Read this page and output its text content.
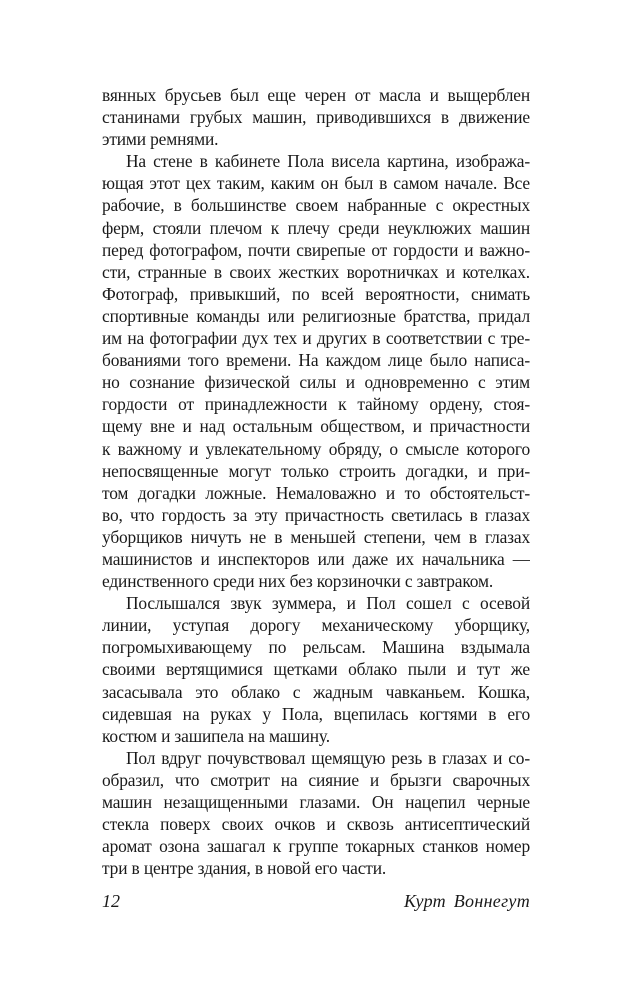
вянных брусьев был еще черен от масла и выщерблен
станинами грубых машин, приводившихся в движение
этими ремнями.
На стене в кабинете Пола висела картина, изобража-
ющая этот цех таким, каким он был в самом начале. Все
рабочие, в большинстве своем набранные с окрестных
ферм, стояли плечом к плечу среди неуклюжих машин
перед фотографом, почти свирепые от гордости и важно-
сти, странные в своих жестких воротничках и котелках.
Фотограф, привыкший, по всей вероятности, снимать
спортивные команды или религиозные братства, придал
им на фотографии дух тех и других в соответствии с тре-
бованиями того времени. На каждом лице было написа-
но сознание физической силы и одновременно с этим
гордости от принадлежности к тайному ордену, стоя-
щему вне и над остальным обществом, и причастности
к важному и увлекательному обряду, о смысле которого
непосвященные могут только строить догадки, и при-
том догадки ложные. Немаловажно и то обстоятельст-
во, что гордость за эту причастность светилась в глазах
уборщиков ничуть не в меньшей степени, чем в глазах
машинистов и инспекторов или даже их начальника —
единственного среди них без корзиночки с завтраком.
Послышался звук зуммера, и Пол сошел с осевой
линии, уступая дорогу механическому уборщику,
погромыхивающему по рельсам. Машина вздымала
своими вертящимися щетками облако пыли и тут же
засасывала это облако с жадным чавканьем. Кошка,
сидевшая на руках у Пола, вцепилась когтями в его
костюм и зашипела на машину.
Пол вдруг почувствовал щемящую резь в глазах и со-
образил, что смотрит на сияние и брызги сварочных
машин незащищенными глазами. Он нацепил черные
стекла поверх своих очков и сквозь антисептический
аромат озона зашагал к группе токарных станков номер
три в центре здания, в новой его части.
12	Курт Воннегут
